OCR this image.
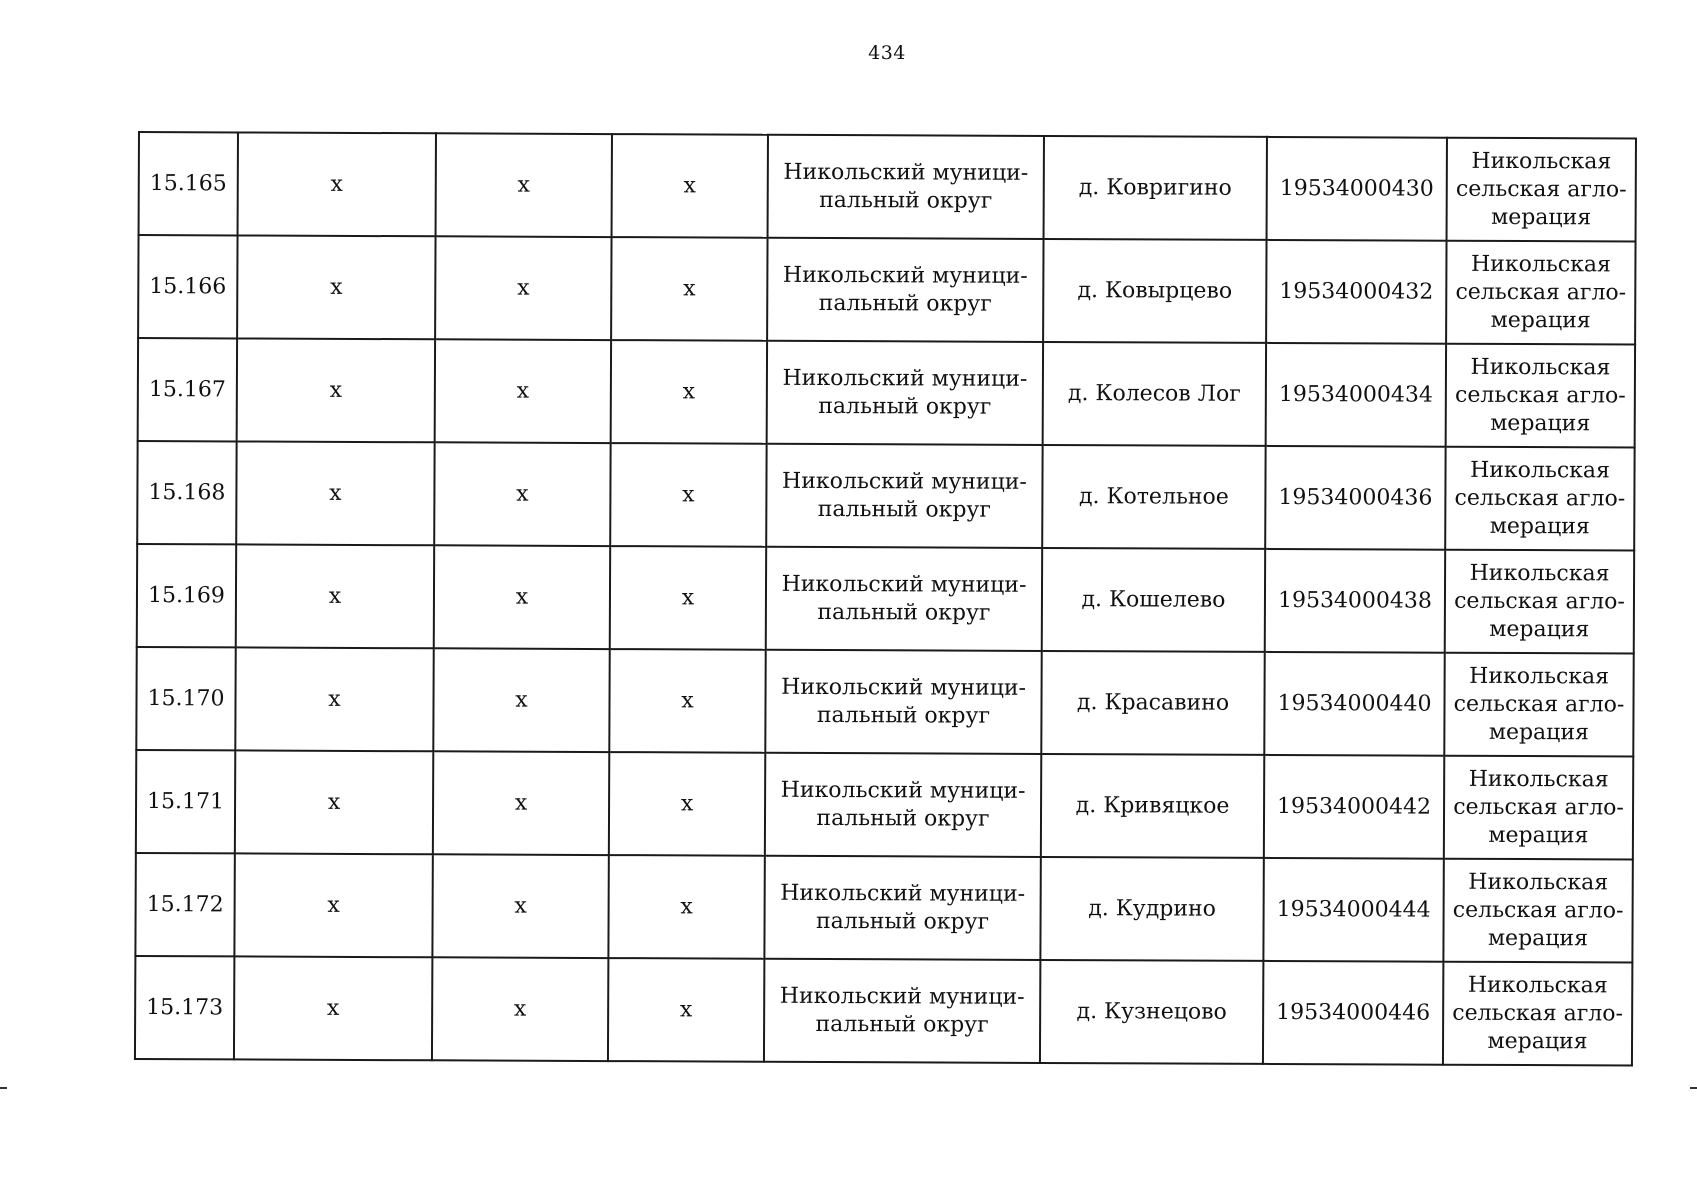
434
15.165	x	x	x	Никольский муници-
пальный округ	д. Ковригино	19534000430	Никольская сельская агло-
мерация
15.166	x	x	x	Никольский муници-
пальный округ	д. Ковырцево	19534000432	Никольская сельская агло-
мерация
15.167	x	x	x	Никольский муници-
пальный округ	д. Колесов Лог	19534000434	Никольская сельская агло-
мерация
15.168	x	x	x	Никольский муници-
пальный округ	д. Котельное	19534000436	Никольская сельская агло-
мерация
15.169	x	x	x	Никольский муници-
пальный округ	д. Кошелево	19534000438	Никольская сельская агло-
мерация
15.170	x	x	x	Никольский муници-
пальный округ	д. Красавино	19534000440	Никольская сельская агло-
мерация
15.171	x	x	x	Никольский муници-
пальный округ	д. Кривяцкое	19534000442	Никольская сельская агло-
мерация
15.172	x	x	x	Никольский муници-
пальный округ	д. Кудрино	19534000444	Никольская сельская агло-
мерация
15.173	x	x	x	Никольский муници-
пальный округ	д. Кузнецово	19534000446	Никольская сельская агло-
мерация
